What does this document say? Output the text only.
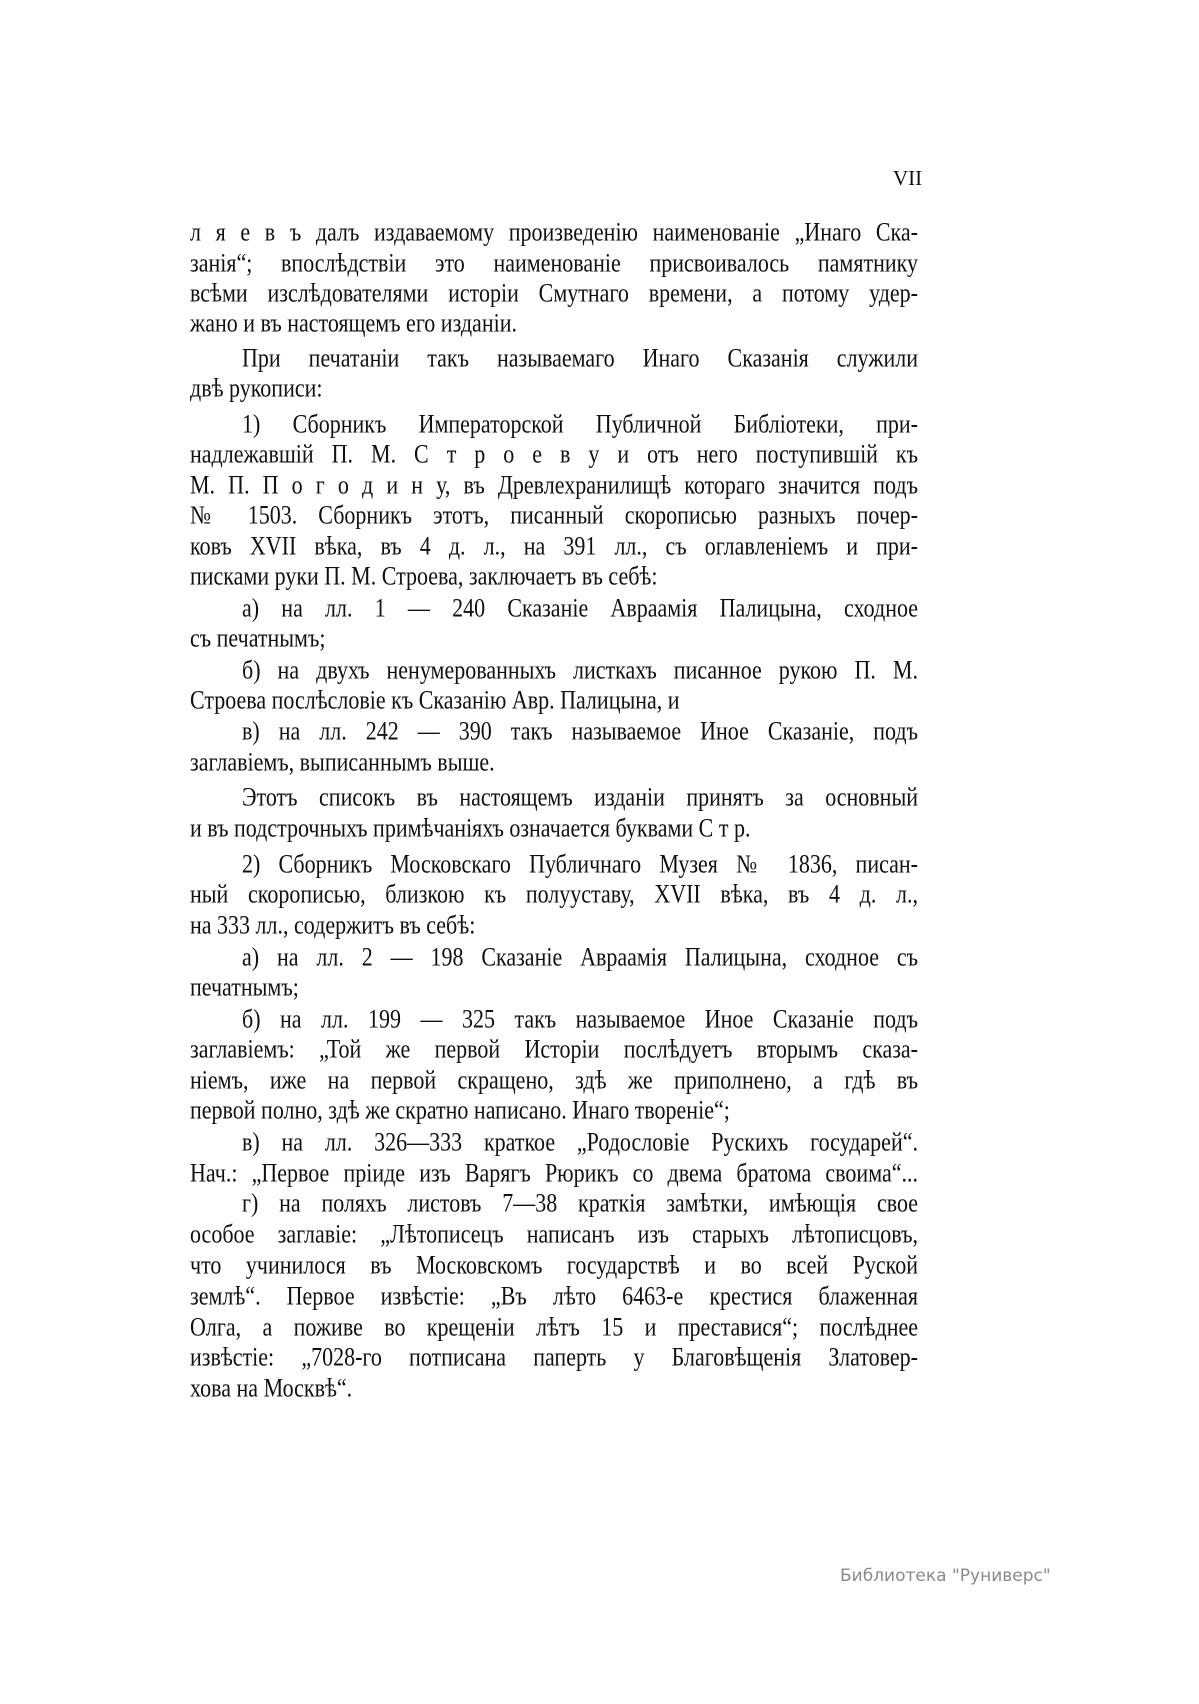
VII
л я е в ъ далъ издаваемому произведенію наименованіе „Инаго Ска-
занія“; впослѣдствіи это наименованіе присвоивалось памятнику
всѣми изслѣдователями исторіи Смутнаго времени, а потому удер-
жано и въ настоящемъ его изданіи.
При печатаніи такъ называемаго Инаго Сказанія служили
двѣ рукописи:
1) Сборникъ Императорской Публичной Библіотеки, при-
надлежавшій П. М. С т р о е в у и отъ него поступившій къ
М. П. П о г о д и н у, въ Древлехранилищѣ котораго значится подъ
№ 1503. Сборникъ этотъ, писанный скорописью разныхъ почер-
ковъ XVII вѣка, въ 4 д. л., на 391 лл., съ оглавленіемъ и при-
писками руки П. М. Строева, заключаетъ въ себѣ:
а) на лл. 1 — 240 Сказаніе Авраамія Палицына, сходное
съ печатнымъ;
б) на двухъ ненумерованныхъ листкахъ писанное рукою П. М.
Строева послѣсловіе къ Сказанію Авр. Палицына, и
в) на лл. 242 — 390 такъ называемое Иное Сказаніе, подъ
заглавіемъ, выписаннымъ выше.
Этотъ списокъ въ настоящемъ изданіи принятъ за основный
и въ подстрочныхъ примѣчаніяхъ означается буквами С т р.
2) Сборникъ Московскаго Публичнаго Музея № 1836, писан-
ный скорописью, близкою къ полууставу, XVII вѣка, въ 4 д. л.,
на 333 лл., содержитъ въ себѣ:
а) на лл. 2 — 198 Сказаніе Авраамія Палицына, сходное съ
печатнымъ;
б) на лл. 199 — 325 такъ называемое Иное Сказаніе подъ
заглавіемъ: „Той же первой Исторіи послѣдуетъ вторымъ сказа-
ніемъ, иже на первой скращено, здѣ же приполнено, а гдѣ въ
первой полно, здѣ же скратно написано. Инаго твореніе“;
в) на лл. 326—333 краткое „Родословіе Рускихъ государей“.
Нач.: „Первое пріиде изъ Варягъ Рюрикъ со двема братома своима“...
г) на поляхъ листовъ 7—38 краткія замѣтки, имѣющія свое
особое заглавіе: „Лѣтописецъ написанъ изъ старыхъ лѣтописцовъ,
что учинилося въ Московскомъ государствѣ и во всей Руской
землѣ“. Первое извѣстіе: „Въ лѣто 6463-е крестися блаженная
Олга, а поживе во крещеніи лѣтъ 15 и преставися“; послѣднее
извѣстіе: „7028-го потписана паперть у Благовѣщенія Златовер-
хова на Москвѣ“.
Библиотека "Руниверс"
